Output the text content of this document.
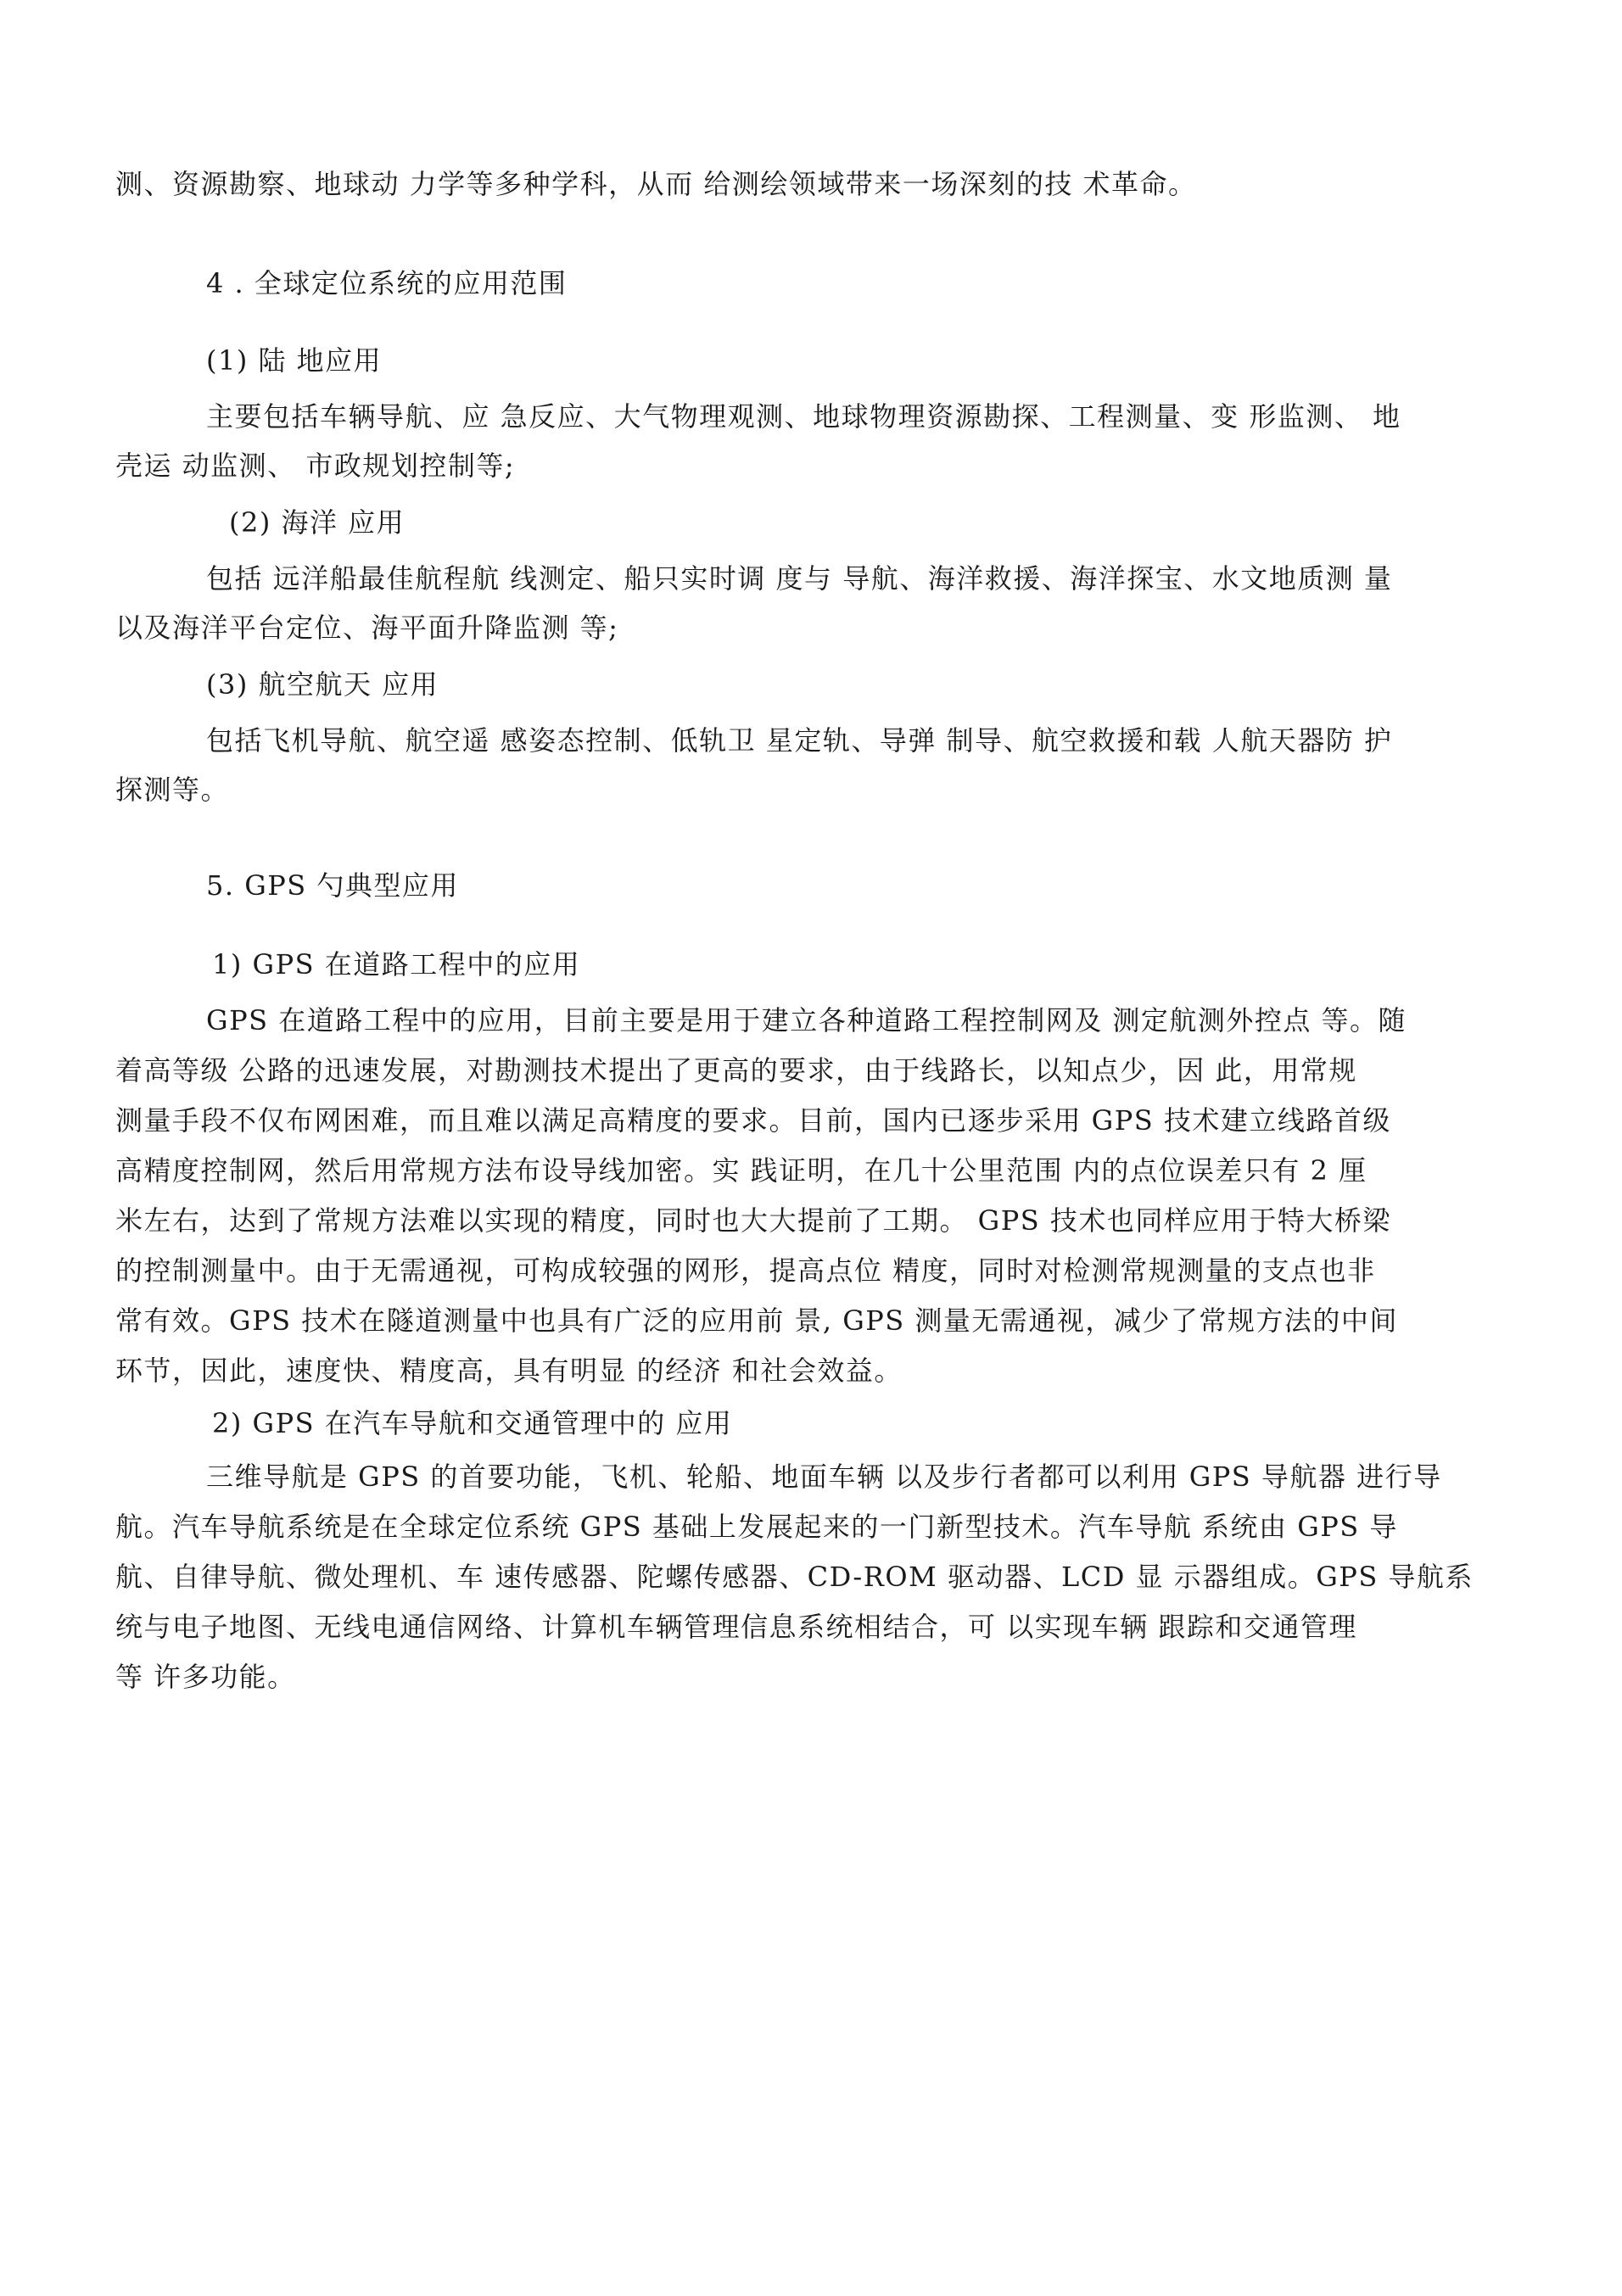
测、资源勘察、地球动 力学等多种学科，从而 给测绘领域带来一场深刻的技 术革命。
4 . 全球定位系统的应用范围
(1) 陆 地应用
主要包括车辆导航、应 急反应、大气物理观测、地球物理资源勘探、工程测量、变 形监测、 地
壳运 动监测、 市政规划控制等;
(2) 海洋 应用
包括 远洋船最佳航程航 线测定、船只实时调 度与 导航、海洋救援、海洋探宝、水文地质测 量
以及海洋平台定位、海平面升降监测 等;
(3) 航空航天 应用
包括飞机导航、航空遥 感姿态控制、低轨卫 星定轨、导弹 制导、航空救援和载 人航天器防 护
探测等。
5. GPS 勺典型应用
1) GPS 在道路工程中的应用
GPS 在道路工程中的应用，目前主要是用于建立各种道路工程控制网及 测定航测外控点 等。随
着高等级 公路的迅速发展，对勘测技术提出了更高的要求，由于线路长，以知点少，因 此，用常规
测量手段不仅布网困难，而且难以满足高精度的要求。目前，国内已逐步采用 GPS 技术建立线路首级
高精度控制网，然后用常规方法布设导线加密。实 践证明，在几十公里范围 内的点位误差只有 2 厘
米左右，达到了常规方法难以实现的精度，同时也大大提前了工期。 GPS 技术也同样应用于特大桥梁
的控制测量中。由于无需通视，可构成较强的网形，提高点位 精度，同时对检测常规测量的支点也非
常有效。GPS 技术在隧道测量中也具有广泛的应用前 景, GPS 测量无需通视，减少了常规方法的中间
环节，因此，速度快、精度高，具有明显 的经济 和社会效益。
2) GPS 在汽车导航和交通管理中的 应用
三维导航是 GPS 的首要功能，飞机、轮船、地面车辆 以及步行者都可以利用 GPS 导航器 进行导
航。汽车导航系统是在全球定位系统 GPS 基础上发展起来的一门新型技术。汽车导航 系统由 GPS 导
航、自律导航、微处理机、车 速传感器、陀螺传感器、CD-ROM 驱动器、LCD 显 示器组成。GPS 导航系
统与电子地图、无线电通信网络、计算机车辆管理信息系统相结合，可 以实现车辆 跟踪和交通管理
等 许多功能。
